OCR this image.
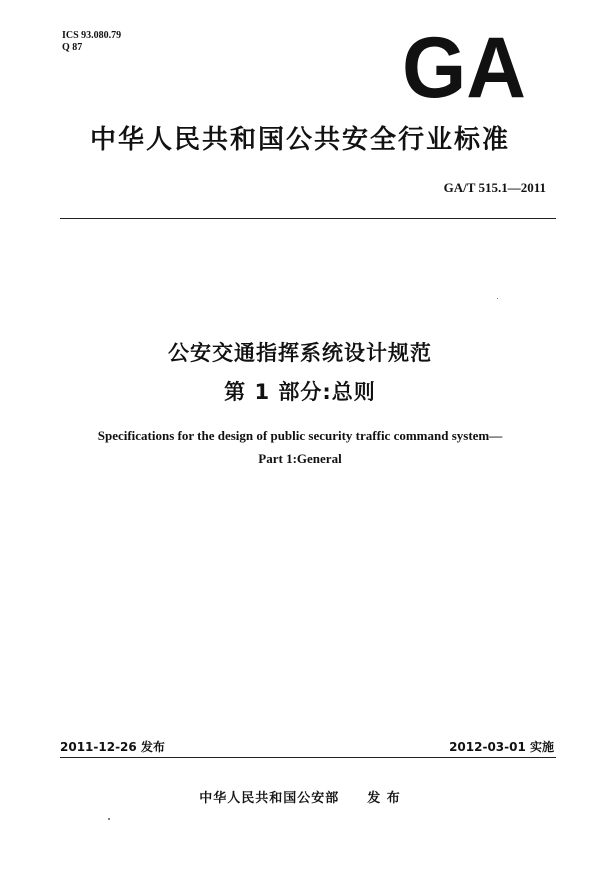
ICS 93.080.79
Q 87	GA
中华人民共和国公共安全行业标准
GA/T 515.1—2011
公安交通指挥系统设计规范
第 1 部分:总则
Specifications for the design of public security traffic command system—
Part 1:General
2011-12-26 发布	2012-03-01 实施
中华人民共和国公安部 发 布
